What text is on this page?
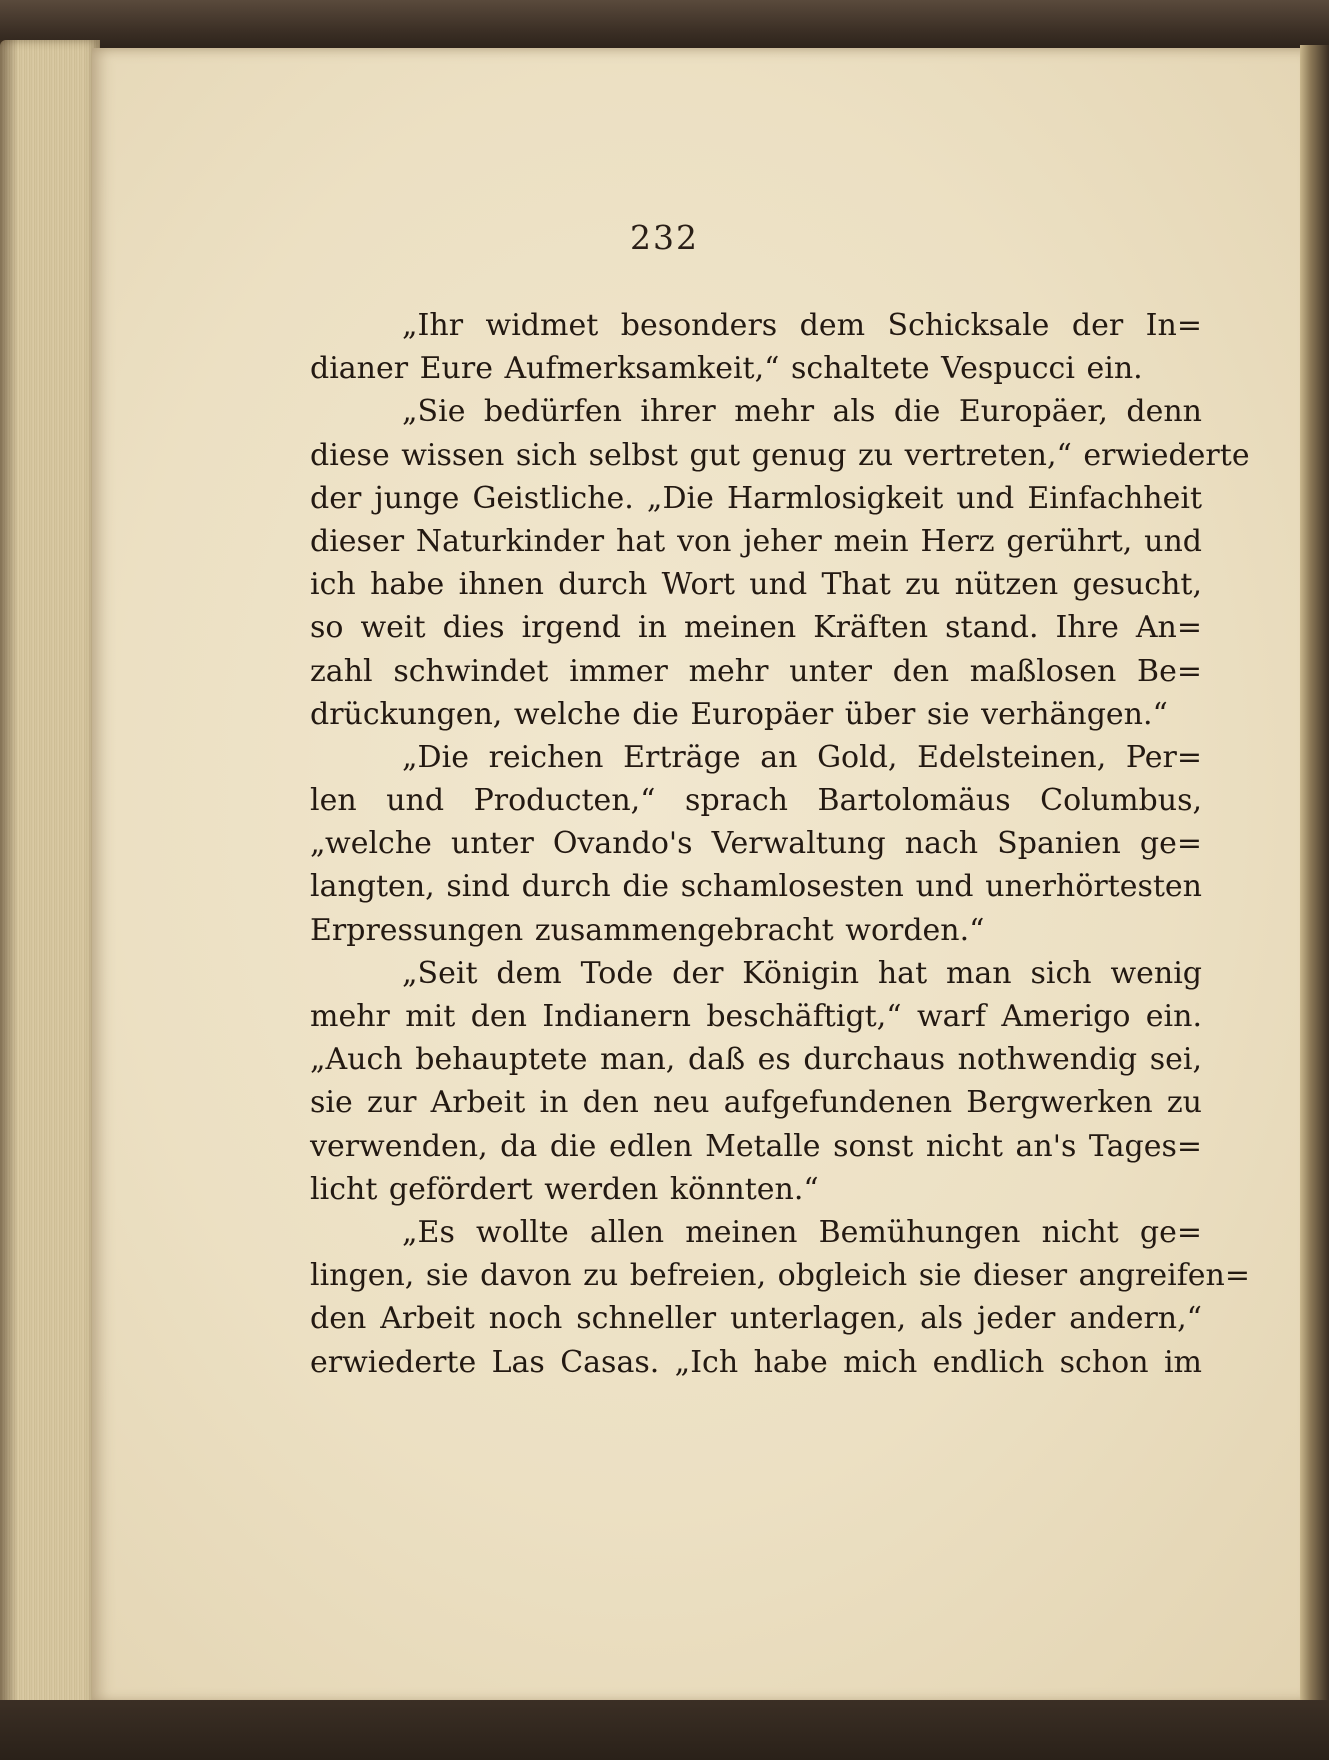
232
„Ihr widmet besonders dem Schicksale der In=
dianer Eure Aufmerksamkeit,“ schaltete Vespucci ein.
„Sie bedürfen ihrer mehr als die Europäer, denn
diese wissen sich selbst gut genug zu vertreten,“ erwiederte
der junge Geistliche. „Die Harmlosigkeit und Einfachheit
dieser Naturkinder hat von jeher mein Herz gerührt, und
ich habe ihnen durch Wort und That zu nützen gesucht,
so weit dies irgend in meinen Kräften stand. Ihre An=
zahl schwindet immer mehr unter den maßlosen Be=
drückungen, welche die Europäer über sie verhängen.“
„Die reichen Erträge an Gold, Edelsteinen, Per=
len und Producten,“ sprach Bartolomäus Columbus,
„welche unter Ovando's Verwaltung nach Spanien ge=
langten, sind durch die schamlosesten und unerhörtesten
Erpressungen zusammengebracht worden.“
„Seit dem Tode der Königin hat man sich wenig
mehr mit den Indianern beschäftigt,“ warf Amerigo ein.
„Auch behauptete man, daß es durchaus nothwendig sei,
sie zur Arbeit in den neu aufgefundenen Bergwerken zu
verwenden, da die edlen Metalle sonst nicht an's Tages=
licht gefördert werden könnten.“
„Es wollte allen meinen Bemühungen nicht ge=
lingen, sie davon zu befreien, obgleich sie dieser angreifen=
den Arbeit noch schneller unterlagen, als jeder andern,“
erwiederte Las Casas. „Ich habe mich endlich schon im
